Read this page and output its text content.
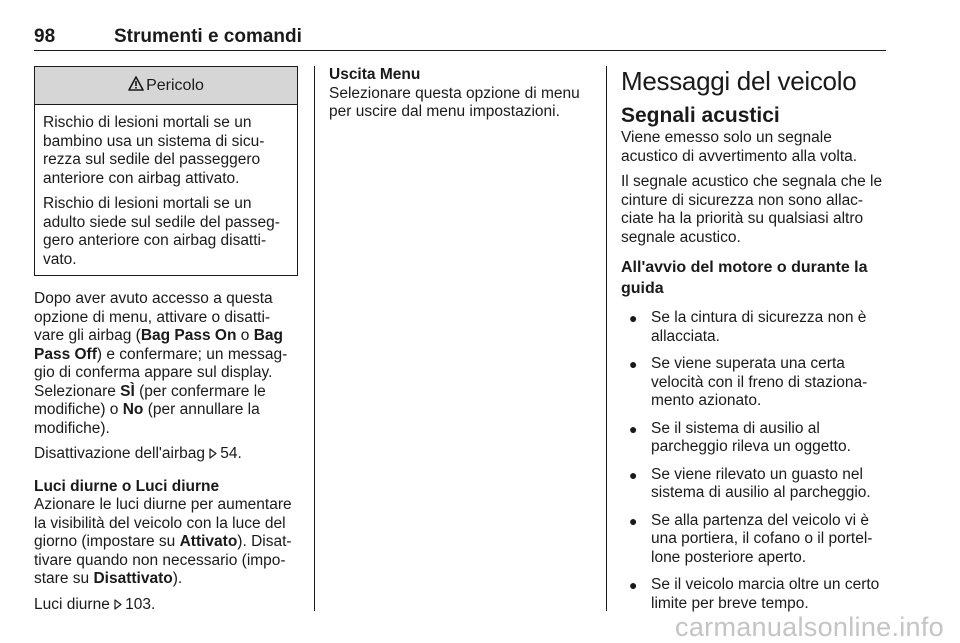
98	Strumenti e comandi
Pericolo

Rischio di lesioni mortali se un bambino usa un sistema di sicu-rezza sul sedile del passeggero anteriore con airbag attivato.

Rischio di lesioni mortali se un adulto siede sul sedile del passeg-gero anteriore con airbag disatti-vato.

Dopo aver avuto accesso a questa opzione di menu, attivare o disatti-vare gli airbag (Bag Pass On o Bag Pass Off) e confermare; un messag-gio di conferma appare sul display. Selezionare SÌ (per confermare le modifiche) o No (per annullare la modifiche).

Disattivazione dell'airbag 54.

Luci diurne o Luci diurne

Azionare le luci diurne per aumentare la visibilità del veicolo con la luce del giorno (impostare su Attivato). Disat-tivare quando non necessario (impo-stare su Disattivato).

Luci diurne 103.

Uscita Menu

Selezionare questa opzione di menu per uscire dal menu impostazioni.

Messaggi del veicolo
Segnali acustici

Viene emesso solo un segnale acustico di avvertimento alla volta.

Il segnale acustico che segnala che le cinture di sicurezza non sono allac-ciate ha la priorità su qualsiasi altro segnale acustico.

All'avvio del motore o durante la guida
● Se la cintura di sicurezza non è allacciata.
● Se viene superata una certa velocità con il freno di staziona-mento azionato.
● Se il sistema di ausilio al parcheggio rileva un oggetto.
● Se viene rilevato un guasto nel sistema di ausilio al parcheggio.
● Se alla partenza del veicolo vi è una portiera, il cofano o il portel-lone posteriore aperto.
● Se il veicolo marcia oltre un certo limite per breve tempo.
carmanualsonline.info
